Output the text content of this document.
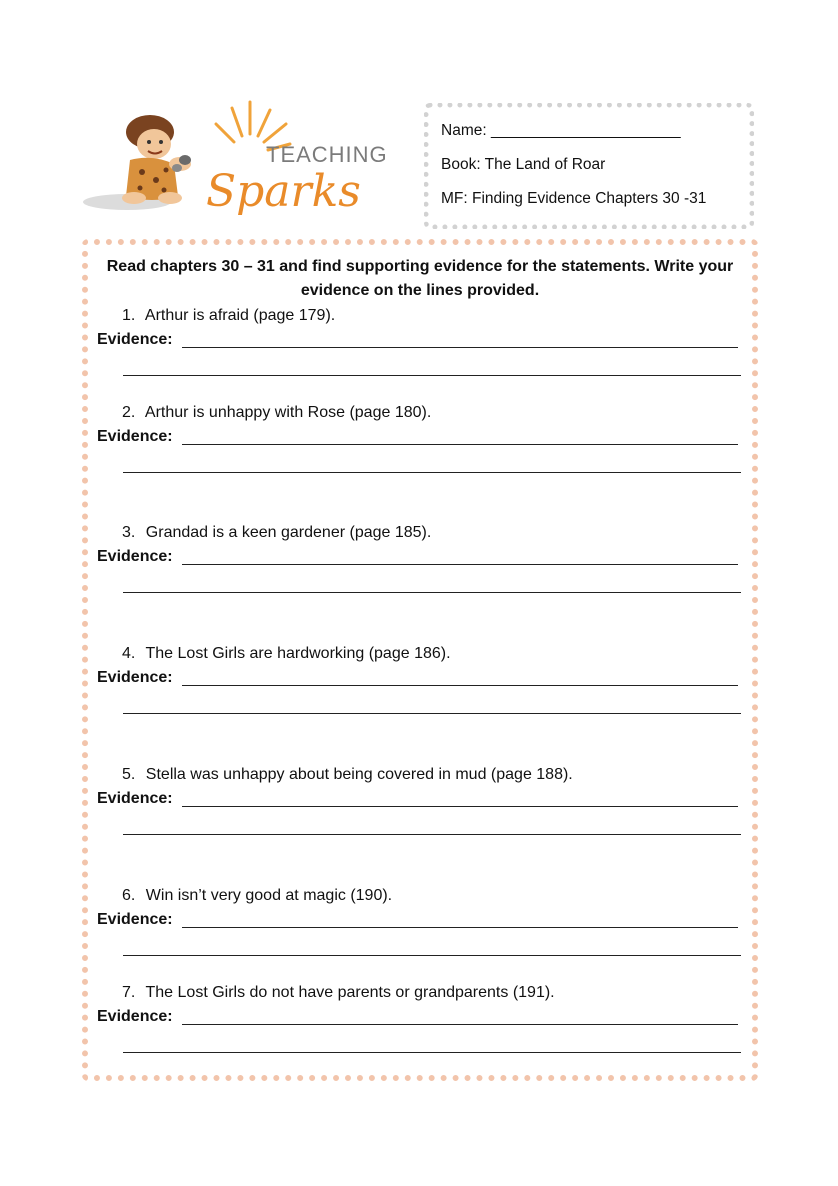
TEACHING
Sparks
Name: ______________________
Book: The Land of Roar
MF: Finding Evidence Chapters 30 -31
Read chapters 30 – 31 and find supporting evidence for the statements. Write your evidence on the lines provided.
1. Arthur is afraid (page 179).
Evidence:
2. Arthur is unhappy with Rose (page 180).
Evidence:
3. Grandad is a keen gardener (page 185).
Evidence:
4. The Lost Girls are hardworking (page 186).
Evidence:
5. Stella was unhappy about being covered in mud (page 188).
Evidence:
6. Win isn’t very good at magic (190).
Evidence:
7. The Lost Girls do not have parents or grandparents (191).
Evidence:
